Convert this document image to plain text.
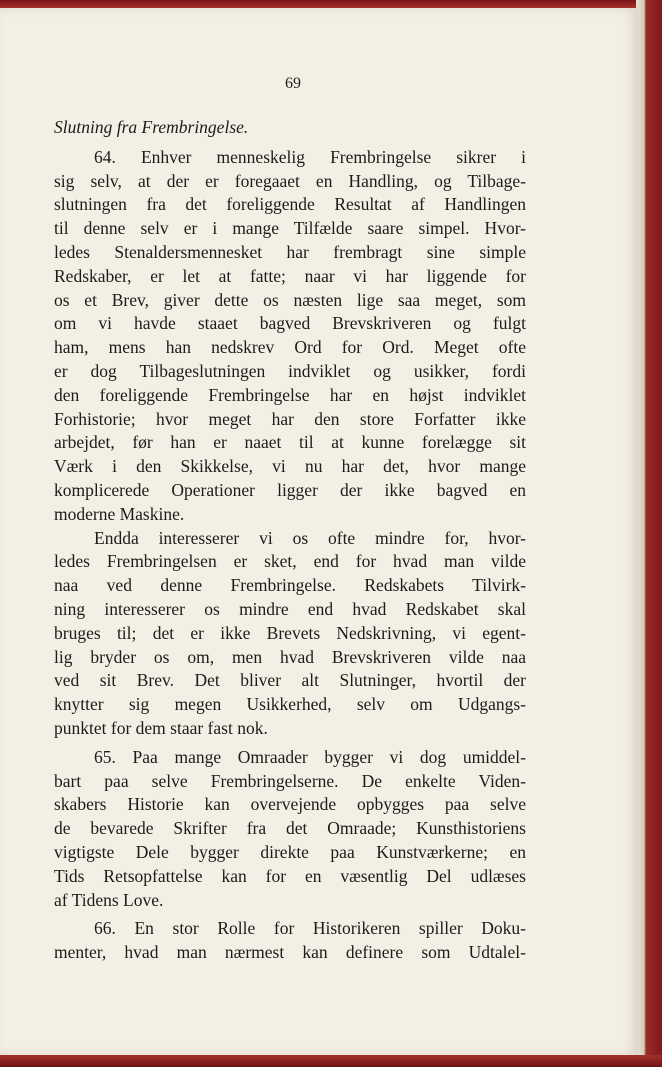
69
Slutning fra Frembringelse.
64. Enhver menneskelig Frembringelse sikrer i
sig selv, at der er foregaaet en Handling, og Tilbage-
slutningen fra det foreliggende Resultat af Handlingen
til denne selv er i mange Tilfælde saare simpel. Hvor-
ledes Stenaldersmennesket har frembragt sine simple
Redskaber, er let at fatte; naar vi har liggende for
os et Brev, giver dette os næsten lige saa meget, som
om vi havde staaet bagved Brevskriveren og fulgt
ham, mens han nedskrev Ord for Ord. Meget ofte
er dog Tilbageslutningen indviklet og usikker, fordi
den foreliggende Frembringelse har en højst indviklet
Forhistorie; hvor meget har den store Forfatter ikke
arbejdet, før han er naaet til at kunne forelægge sit
Værk i den Skikkelse, vi nu har det, hvor mange
komplicerede Operationer ligger der ikke bagved en
moderne Maskine.
Endda interesserer vi os ofte mindre for, hvor-
ledes Frembringelsen er sket, end for hvad man vilde
naa ved denne Frembringelse. Redskabets Tilvirk-
ning interesserer os mindre end hvad Redskabet skal
bruges til; det er ikke Brevets Nedskrivning, vi egent-
lig bryder os om, men hvad Brevskriveren vilde naa
ved sit Brev. Det bliver alt Slutninger, hvortil der
knytter sig megen Usikkerhed, selv om Udgangs-
punktet for dem staar fast nok.
65. Paa mange Omraader bygger vi dog umiddel-
bart paa selve Frembringelserne. De enkelte Viden-
skabers Historie kan overvejende opbygges paa selve
de bevarede Skrifter fra det Omraade; Kunsthistoriens
vigtigste Dele bygger direkte paa Kunstværkerne; en
Tids Retsopfattelse kan for en væsentlig Del udlæses
af Tidens Love.
66. En stor Rolle for Historikeren spiller Doku-
menter, hvad man nærmest kan definere som Udtalel-
